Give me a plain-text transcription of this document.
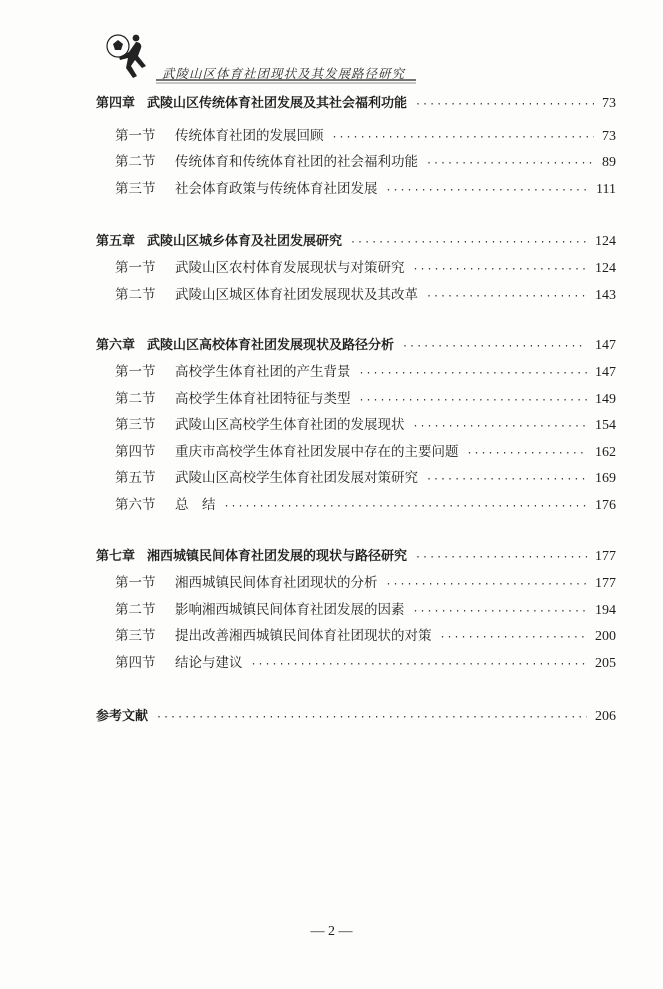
武陵山区体育社团现状及其发展路径研究
第四章 武陵山区传统体育社团发展及其社会福利功能 ·····	73
第一节	传统体育社团的发展回顾 ·····	73
第二节	传统体育和传统体育社团的社会福利功能 ·····	89
第三节	社会体育政策与传统体育社团发展 ·····	111
第五章 武陵山区城乡体育及社团发展研究 ·····	124
第一节	武陵山区农村体育发展现状与对策研究 ·····	124
第二节	武陵山区城区体育社团发展现状及其改革 ·····	143
第六章 武陵山区高校体育社团发展现状及路径分析 ·····	147
第一节	高校学生体育社团的产生背景 ·····	147
第二节	高校学生体育社团特征与类型 ·····	149
第三节	武陵山区高校学生体育社团的发展现状 ·····	154
第四节	重庆市高校学生体育社团发展中存在的主要问题 ·····	162
第五节	武陵山区高校学生体育社团发展对策研究 ·····	169
第六节	总　结 ·····	176
第七章 湘西城镇民间体育社团发展的现状与路径研究 ·····	177
第一节	湘西城镇民间体育社团现状的分析 ·····	177
第二节	影响湘西城镇民间体育社团发展的因素 ·····	194
第三节	提出改善湘西城镇民间体育社团现状的对策 ·····	200
第四节	结论与建议 ·····	205
参考文献 ·····	206
— 2 —
